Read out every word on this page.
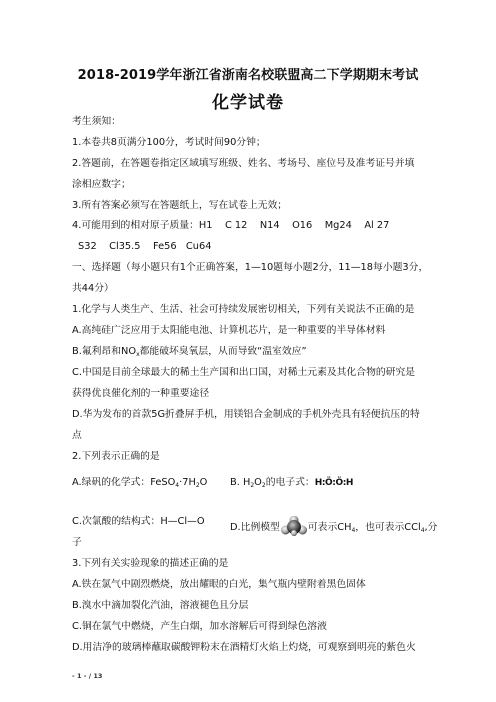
2018-2019学年浙江省浙南名校联盟高二下学期期末考试
化学试卷
考生须知：
1.本卷共8页满分100分，考试时间90分钟；
2.答题前，在答题卷指定区域填写班级、姓名、考场号、座位号及准考证号并填
涂相应数字；
3.所有答案必须写在答题纸上，写在试卷上无效；
4.可能用到的相对原子质量：H1    C 12    N14    O16    Mg24    Al 27
S32    Cl35.5    Fe56   Cu64
一、选择题（每小题只有1个正确答案，1—10题每小题2分，11—18每小题3分，
共44分）
1.化学与人类生产、生活、社会可持续发展密切相关，下列有关说法不正确的是
A.高纯硅广泛应用于太阳能电池、计算机芯片，是一种重要的半导体材料
B.氟利昂和$NO_x$都能破坏臭氧层，从而导致“温室效应”
C.中国是目前全球最大的稀土生产国和出口国，对稀土元素及其化合物的研究是
获得优良催化剂的一种重要途径
D.华为发布的首款5G折叠屏手机，用镁铝合金制成的手机外壳具有轻便抗压的特
点
2.下列表示正确的是
A.绿矾的化学式：$FeSO_4\cdot 7H_2O$	B. $H_2O_2$的电子式：H:Ö:Ö:H
C.次氯酸的结构式：H—Cl—O
D.比例模型	可表示$CH_4$，也可表示CCl$_4$,分
子
3.下列有关实验现象的描述正确的是
A.铁在氯气中剧烈燃烧，放出耀眼的白光，集气瓶内壁附着黑色固体
B.溴水中滴加裂化汽油，溶液褪色且分层
C.铜在氯气中燃烧，产生白烟，加水溶解后可得到绿色溶液
D.用洁净的玻璃棒蘸取碳酸钾粉末在酒精灯火焰上灼烧，可观察到明亮的紫色火
- 1 - / 13
